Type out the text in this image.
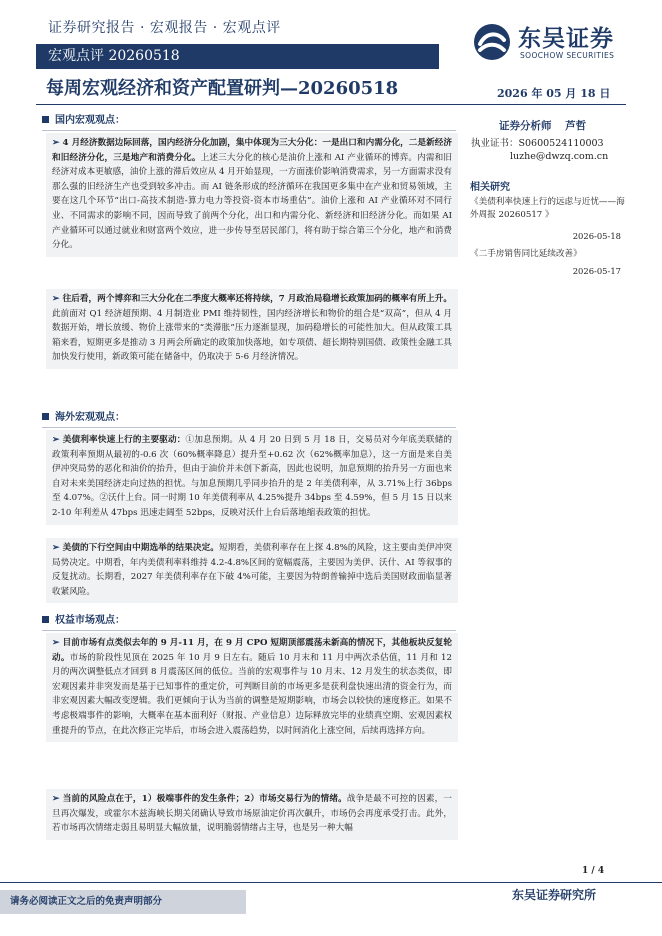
证券研究报告 · 宏观报告 · 宏观点评
宏观点评 20260518
东吴证券
SOOCHOW SECURITIES
每周宏观经济和资产配置研判—20260518	2026 年 05 月 18 日
国内宏观观点：
➢ 4 月经济数据边际回落，国内经济分化加剧，集中体现为三大分化：一是出口和内需分化，二是新经济和旧经济分化，三是地产和消费分化。上述三大分化的核心是油价上涨和 AI 产业循环的博弈。内需和旧经济对成本更敏感，油价上涨的滞后效应从 4 月开始显现，一方面涨价影响消费需求，另一方面需求没有那么强的旧经济生产也受到较多冲击。而 AI 链条形成的经济循环在我国更多集中在产业和贸易领域，主要在这几个环节“出口-高技术制造-算力电力等投资-资本市场重估”。油价上涨和 AI 产业循环对不同行业、不同需求的影响不同，因而导致了前两个分化，出口和内需分化、新经济和旧经济分化。而如果 AI 产业循环可以通过就业和财富两个效应，进一步传导至居民部门，将有助于综合第三个分化，地产和消费分化。
➢ 往后看，两个博弈和三大分化在二季度大概率还将持续，7 月政治局稳增长政策加码的概率有所上升。此前面对 Q1 经济超预期、4 月制造业 PMI 维持韧性，国内经济增长和物价的组合是“双高”，但从 4 月数据开始，增长放缓、物价上涨带来的“类滞胀”压力逐渐显现，加码稳增长的可能性加大。但从政策工具箱来看，短期更多是推动 3 月两会所确定的政策加快落地，如专项债、超长期特别国债、政策性金融工具加快发行使用，新政策可能在储备中，仍取决于 5-6 月经济情况。
海外宏观观点：
➢ 美债利率快速上行的主要驱动：①加息预期。从 4 月 20 日到 5 月 18 日，交易员对今年底美联储的政策利率预期从最初的-0.6 次（60%概率降息）提升至+0.62 次（62%概率加息），这一方面是来自美伊冲突局势的恶化和油价的抬升，但由于油价并未创下新高，因此也说明，加息预期的抬升另一方面也来自对未来美国经济走向过热的担忧。与加息预期几乎同步抬升的是 2 年美债利率，从 3.71%上行 36bps 至 4.07%。②沃什上台。同一时期 10 年美债利率从 4.25%提升 34bps 至 4.59%，但 5 月 15 日以来 2-10 年利差从 47bps 迅速走阔至 52bps，反映对沃什上台后落地缩表政策的担忧。
➢ 美债的下行空间由中期选举的结果决定。短期看，美债利率存在上探 4.8%的风险，这主要由美伊冲突局势决定。中期看，年内美债利率料维持 4.2-4.8%区间的宽幅震荡，主要因为美伊、沃什、AI 等叙事的反复扰动。长期看，2027 年美债利率存在下破 4%可能，主要因为特朗普输掉中选后美国财政面临显著收紧风险。
权益市场观点：
➢ 目前市场有点类似去年的 9 月-11 月，在 9 月 CPO 短期顶部震荡未新高的情况下，其他板块反复轮动。市场的阶段性见顶在 2025 年 10 月 9 日左右。随后 10 月末和 11 月中两次杀估值，11 月和 12 月的两次调整低点才回到 8 月震荡区间的低位。当前的宏观事件与 10 月末、12 月发生的状态类似，即宏观因素并非突发而是基于已知事件的重定价，可判断目前的市场更多是获利盘快速出清的资金行为，而非宏观因素大幅改变逻辑。我们更倾向于认为当前的调整是短期影响，市场会以较快的速度修正。如果不考虑极端事件的影响，大概率在基本面利好（财报、产业信息）边际释放完毕的业绩真空期、宏观因素权重提升的节点，在此次修正完毕后，市场会进入震荡趋势，以时间消化上涨空间，后续再选择方向。
➢ 当前的风险点在于，1）极端事件的发生条件；2）市场交易行为的情绪。战争是最不可控的因素，一旦再次爆发，或霍尔木兹海峡长期关闭确认导致市场原油定价再次飙升，市场仍会再度承受打击。此外，若市场再次情绪走弱且易明显大幅放量，说明脆弱情绪占主导，也是另一种大幅
证券分析师 芦哲
执业证书：S0600524110003
luzhe@dwzq.com.cn
相关研究
《美债利率快速上行的远虑与近忧——海外周报 20260517 》
2026-05-18
《二手房销售同比延续改善》
2026-05-17
1 / 4
请务必阅读正文之后的免责声明部分	东吴证券研究所
